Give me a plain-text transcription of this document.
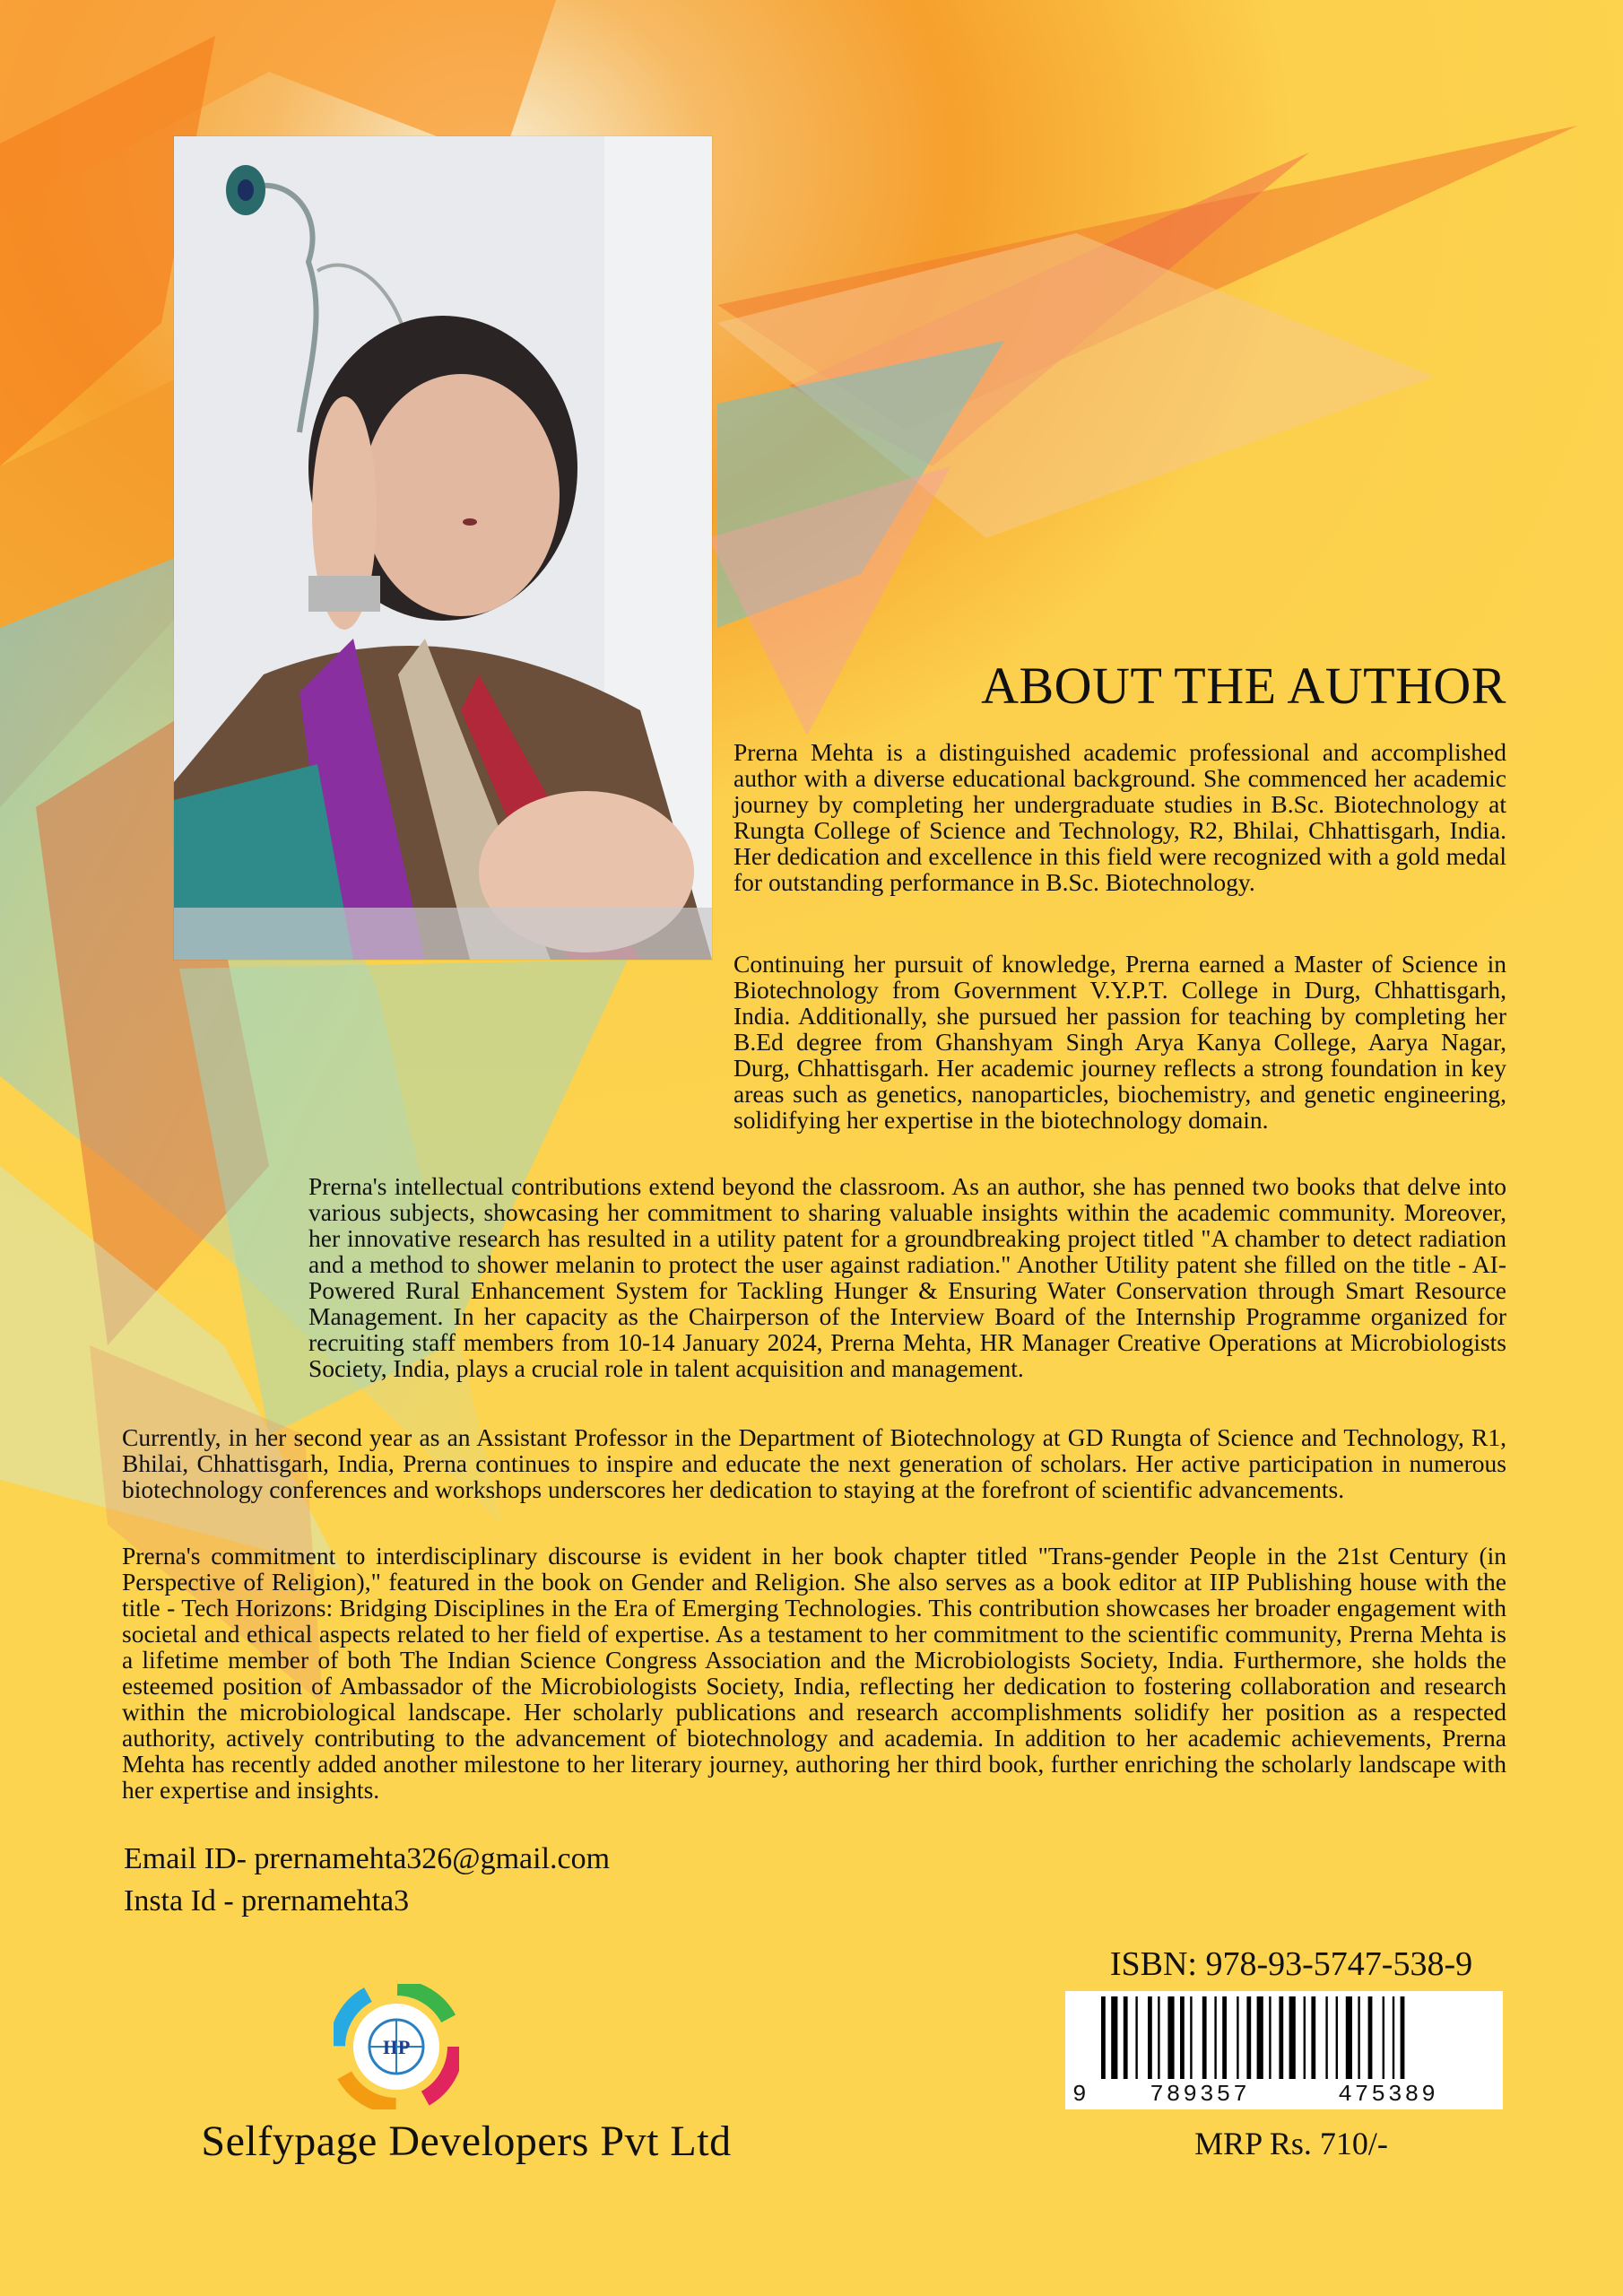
ABOUT THE AUTHOR

Prerna Mehta is a distinguished academic professional and accomplished author with a diverse educational background. She commenced her academic journey by completing her undergraduate studies in B.Sc. Biotechnology at Rungta College of Science and Technology, R2, Bhilai, Chhattisgarh, India. Her dedication and excellence in this field were recognized with a gold medal for outstanding performance in B.Sc. Biotechnology.

Continuing her pursuit of knowledge, Prerna earned a Master of Science in Biotechnology from Government V.Y.P.T. College in Durg, Chhattisgarh, India. Additionally, she pursued her passion for teaching by completing her B.Ed degree from Ghanshyam Singh Arya Kanya College, Aarya Nagar, Durg, Chhattisgarh. Her academic journey reflects a strong foundation in key areas such as genetics, nanoparticles, biochemistry, and genetic engineering, solidifying her expertise in the biotechnology domain.

Prerna's intellectual contributions extend beyond the classroom. As an author, she has penned two books that delve into various subjects, showcasing her commitment to sharing valuable insights within the academic community. Moreover, her innovative research has resulted in a utility patent for a groundbreaking project titled "A chamber to detect radiation and a method to shower melanin to protect the user against radiation." Another Utility patent she filled on the title - AI-Powered Rural Enhancement System for Tackling Hunger & Ensuring Water Conservation through Smart Resource Management. In her capacity as the Chairperson of the Interview Board of the Internship Programme organized for recruiting staff members from 10-14 January 2024, Prerna Mehta, HR Manager Creative Operations at Microbiologists Society, India, plays a crucial role in talent acquisition and management.

Currently, in her second year as an Assistant Professor in the Department of Biotechnology at GD Rungta of Science and Technology, R1, Bhilai, Chhattisgarh, India, Prerna continues to inspire and educate the next generation of scholars. Her active participation in numerous biotechnology conferences and workshops underscores her dedication to staying at the forefront of scientific advancements.

Prerna's commitment to interdisciplinary discourse is evident in her book chapter titled "Trans-gender People in the 21st Century (in Perspective of Religion)," featured in the book on Gender and Religion. She also serves as a book editor at IIP Publishing house with the title - Tech Horizons: Bridging Disciplines in the Era of Emerging Technologies. This contribution showcases her broader engagement with societal and ethical aspects related to her field of expertise. As a testament to her commitment to the scientific community, Prerna Mehta is a lifetime member of both The Indian Science Congress Association and the Microbiologists Society, India. Furthermore, she holds the esteemed position of Ambassador of the Microbiologists Society, India, reflecting her dedication to fostering collaboration and research within the microbiological landscape. Her scholarly publications and research accomplishments solidify her position as a respected authority, actively contributing to the advancement of biotechnology and academia. In addition to her academic achievements, Prerna Mehta has recently added another milestone to her literary journey, authoring her third book, further enriching the scholarly landscape with her expertise and insights.

Email ID- prernamehta326@gmail.com
Insta Id - prernamehta3
ISBN: 978-93-5747-538-9
9	789357	475389
MRP Rs. 710/-
IIP
Selfypage Developers Pvt Ltd
